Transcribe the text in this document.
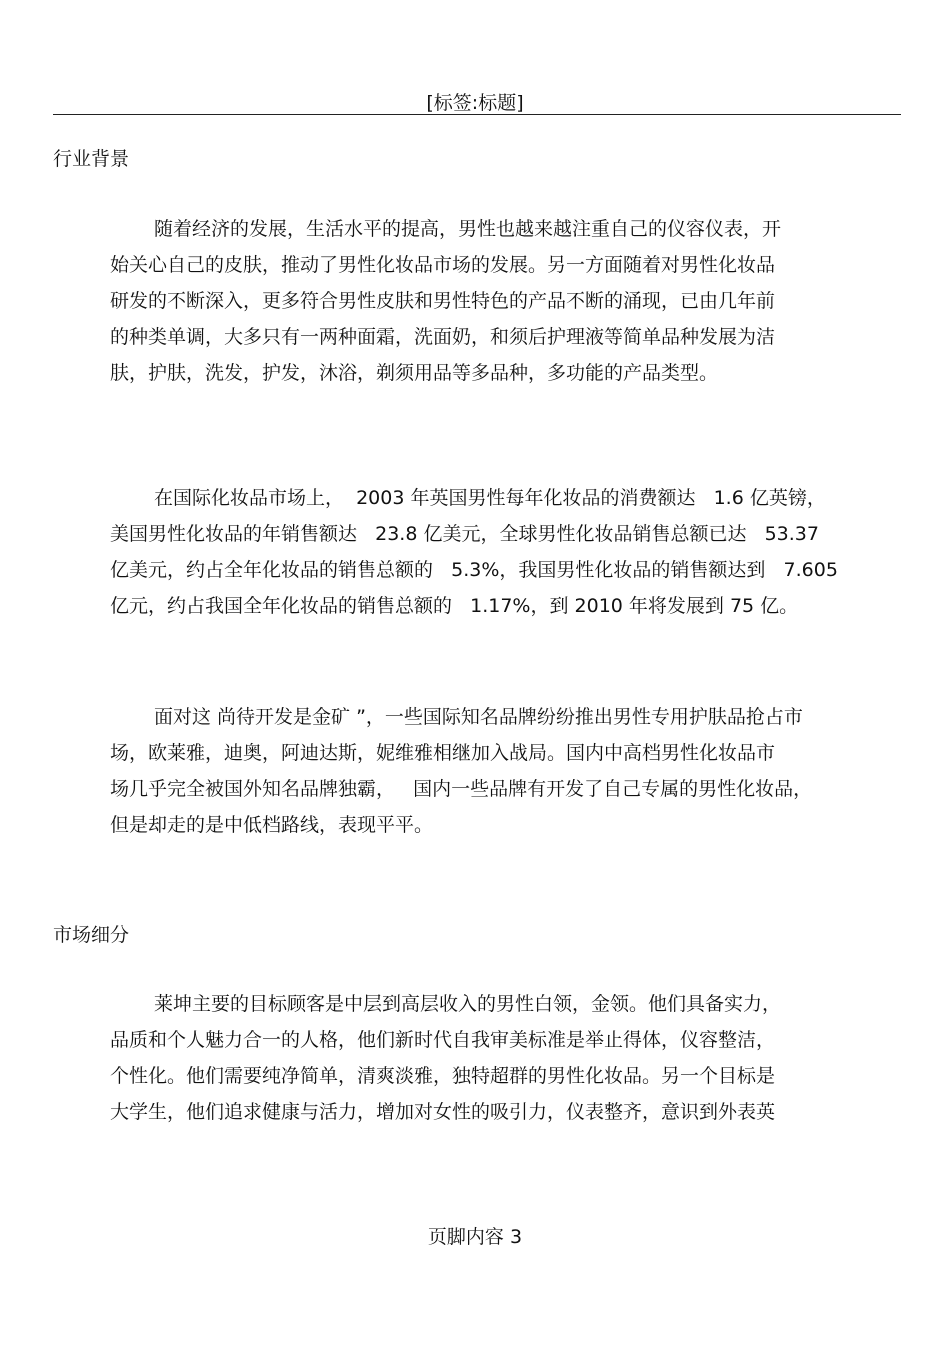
[标签:标题]
行业背景
随着经济的发展，生活水平的提高，男性也越来越注重自己的仪容仪表，开
始关心自己的皮肤，推动了男性化妆品市场的发展。另一方面随着对男性化妆品
研发的不断深入，更多符合男性皮肤和男性特色的产品不断的涌现，已由几年前
的种类单调，大多只有一两种面霜，洗面奶，和须后护理液等简单品种发展为洁
肤，护肤，洗发，护发，沐浴，剃须用品等多品种，多功能的产品类型。
在国际化妆品市场上，  2003 年英国男性每年化妆品的消费额达   1.6 亿英镑，
美国男性化妆品的年销售额达   23.8 亿美元，全球男性化妆品销售总额已达   53.37
亿美元，约占全年化妆品的销售总额的   5.3%，我国男性化妆品的销售额达到   7.605
亿元，约占我国全年化妆品的销售总额的   1.17%，到 2010 年将发展到 75 亿。
面对这 尚待开发是金矿 ”，一些国际知名品牌纷纷推出男性专用护肤品抢占市
场，欧莱雅，迪奥，阿迪达斯，妮维雅相继加入战局。国内中高档男性化妆品市
场几乎完全被国外知名品牌独霸，   国内一些品牌有开发了自己专属的男性化妆品，
但是却走的是中低档路线，表现平平。
市场细分
莱坤主要的目标顾客是中层到高层收入的男性白领，金领。他们具备实力，
品质和个人魅力合一的人格，他们新时代自我审美标准是举止得体，仪容整洁，
个性化。他们需要纯净简单，清爽淡雅，独特超群的男性化妆品。另一个目标是
大学生，他们追求健康与活力，增加对女性的吸引力，仪表整齐，意识到外表英
页脚内容 3
